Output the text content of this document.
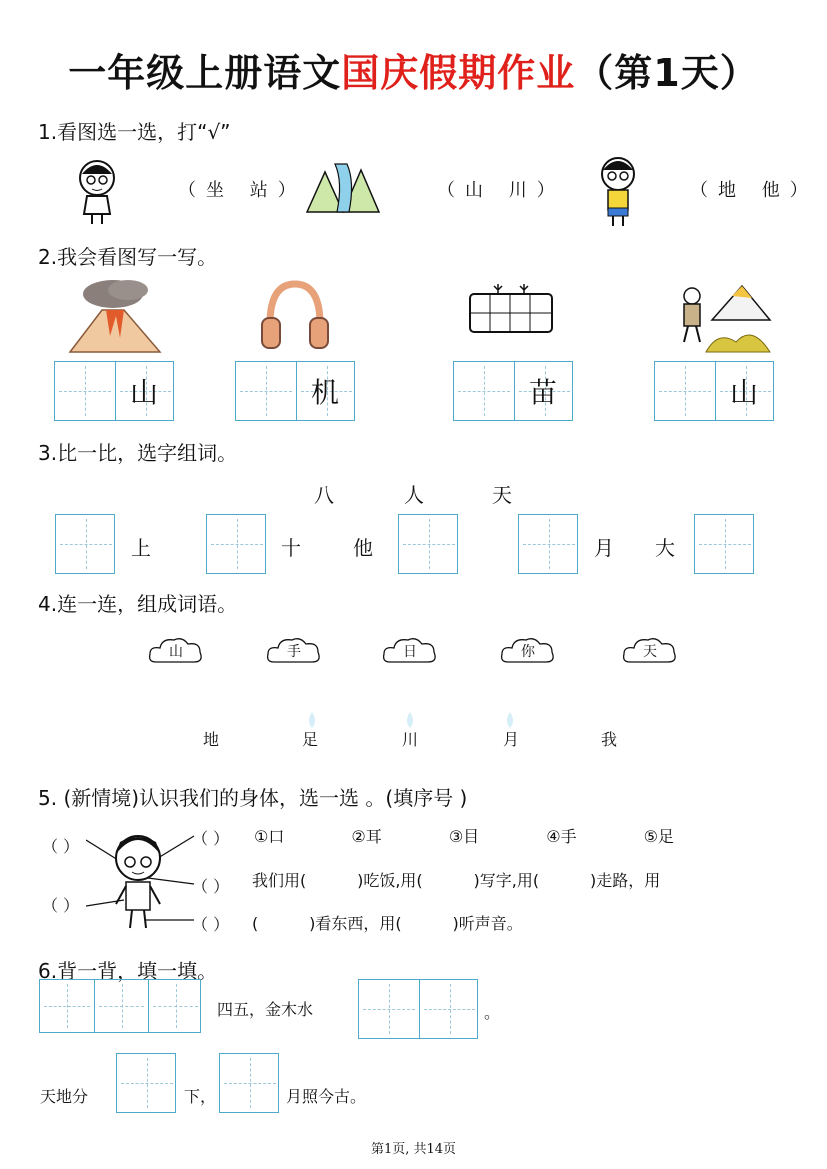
一年级上册语文国庆假期作业（第1天）
1.看图选一选，打“√”
（坐 站）	（山 川）	（地 他）
2.我会看图写一写。
山	机	苗	山
3.比一比，选字组词。
八	人	天
上	十	他	月 大
4.连一连，组成词语。
山	手	日	你	天
地	足	川	月	我
5. (新情境)认识我们的身体，选一选 。(填序号 )
（ ）
（ ）
（ ）
（ ）
（ ）
①口	②耳	③目	④手	⑤足
我们用(          )吃饭,用(          )写字,用(          )走路，用
(          )看东西，用(          )听声音。
6.背一背，填一填。
四五，金木水	。
天地分	下，	月照今古。
第1页, 共14页
